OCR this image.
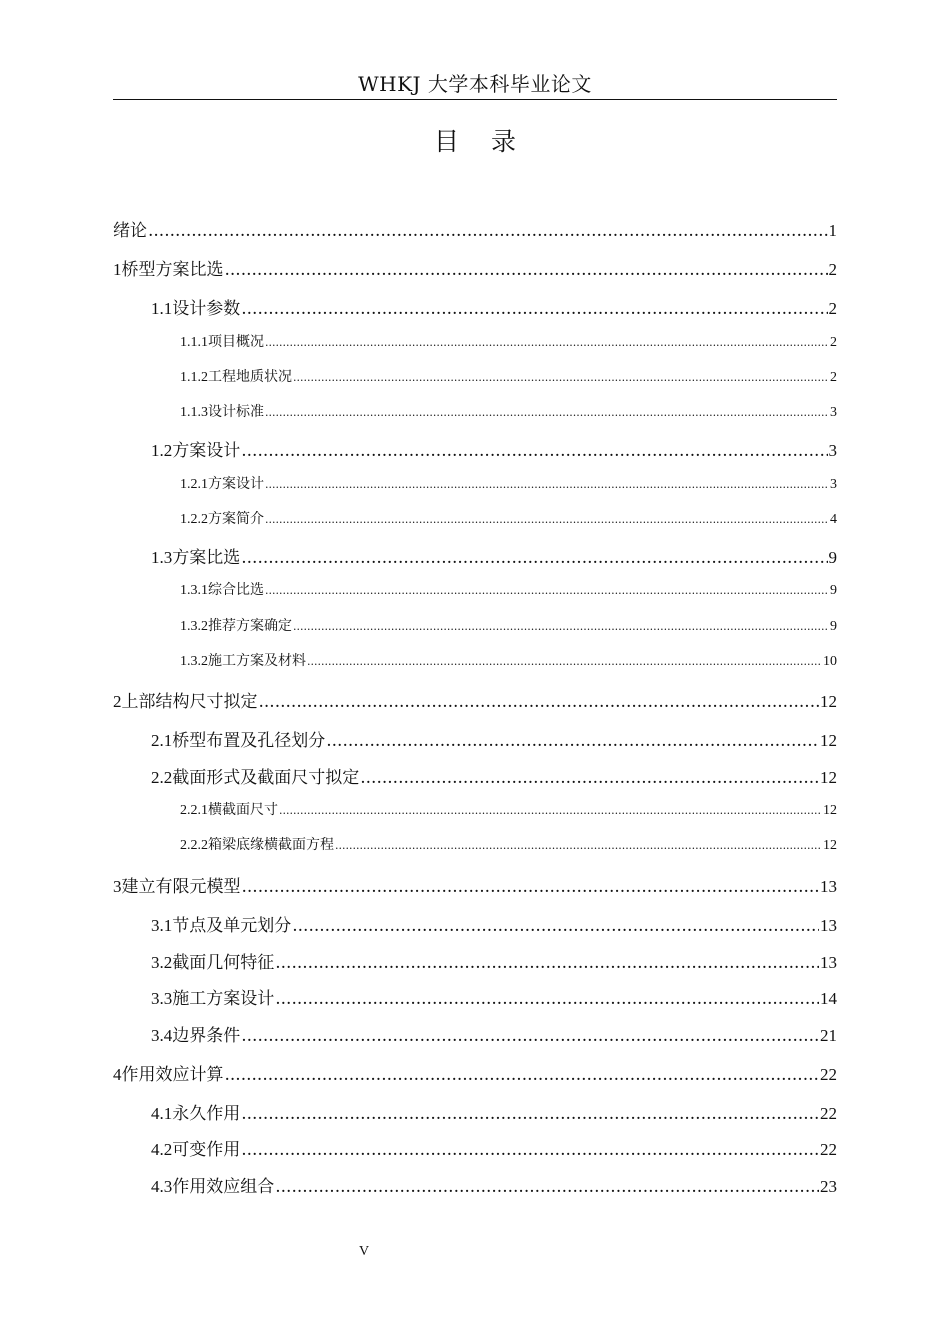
WHKJ 大学本科毕业论文
目 录
绪论 .....	1
1 桥型方案比选 .....	2
1.1 设计参数 .....	2
1.1.1 项目概况 .....	2
1.1.2 工程地质状况 .....	2
1.1.3 设计标准 .....	3
1.2 方案设计 .....	3
1.2.1 方案设计 .....	3
1.2.2 方案简介 .....	4
1.3 方案比选 .....	9
1.3.1 综合比选 .....	9
1.3.2 推荐方案确定 .....	9
1.3.2 施工方案及材料 .....	10
2 上部结构尺寸拟定 .....	12
2.1 桥型布置及孔径划分 .....	12
2.2 截面形式及截面尺寸拟定 .....	12
2.2.1 横截面尺寸 .....	12
2.2.2 箱梁底缘横截面方程 .....	12
3 建立有限元模型 .....	13
3.1 节点及单元划分 .....	13
3.2 截面几何特征 .....	13
3.3 施工方案设计 .....	14
3.4 边界条件 .....	21
4 作用效应计算 .....	22
4.1 永久作用 .....	22
4.2 可变作用 .....	22
4.3 作用效应组合 .....	23
V
